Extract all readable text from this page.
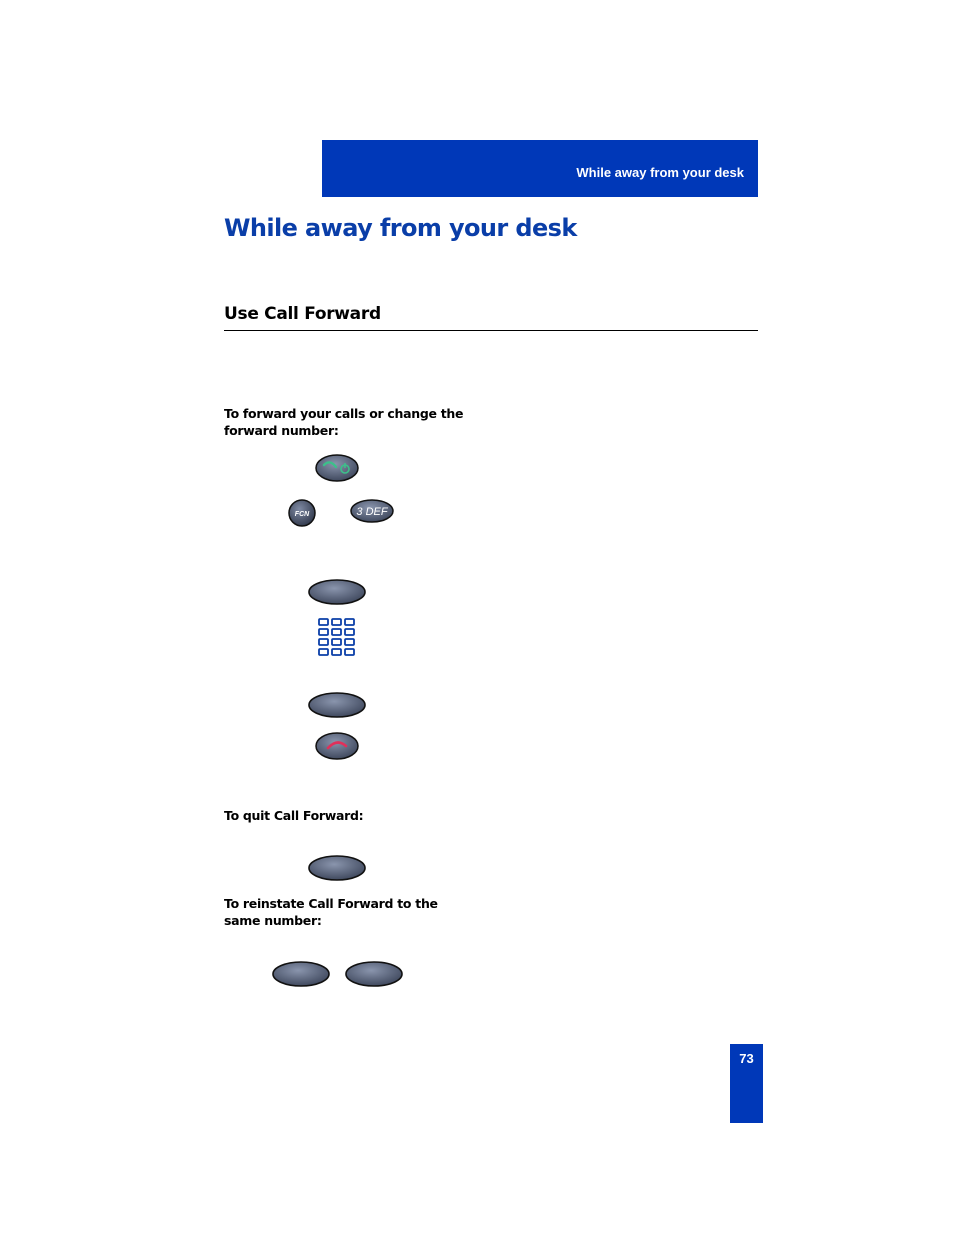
While away from your desk
While away from your desk
Use Call Forward

To forward your calls or change the forward number:

FCN	3 DEF

To quit Call Forward:

To reinstate Call Forward to the same number:

73
